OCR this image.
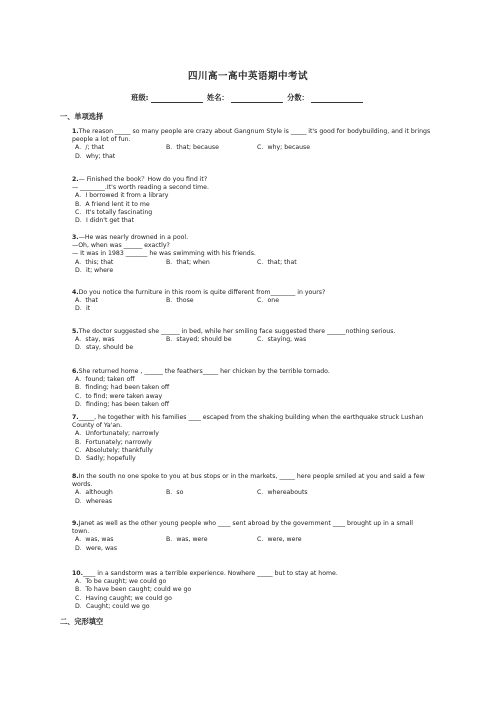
四川高一高中英语期中考试
班级:	姓名：	分数：
一、单项选择
1.The reason _____ so many people are crazy about Gangnum Style is _____ it's good for bodybuilding, and it brings people a lot of fun.
A．/; that	B．that; because	C．why; because
D．why; that
2.— Finished the book？How do you find it?
— ________.It's worth reading a second time.
A．I borrowed it from a library
B．A friend lent it to me
C．It's totally fascinating
D．I didn't get that
3.—He was nearly drowned in a pool.
—Oh, when was ______ exactly?
— It was in 1983 _______ he was swimming with his friends.
A．this; that	B．that; when	C．that; that
D．it; where
4.Do you notice the furniture in this room is quite different from________ in yours?
A．that	B．those	C．one
D．it
5.The doctor suggested she ______ in bed, while her smiling face suggested there ______nothing serious.
A．stay, was	B．stayed; should be	C．staying, was
D．stay, should be
6.She returned home , ______ the feathers_____ her chicken by the terrible tornado.
A．found; taken off
B．finding; had been taken off
C．to find; were taken away
D．finding; has been taken off
7._____, he together with his families ____ escaped from the shaking building when the earthquake struck Lushan County of Ya'an.
A．Unfortunately; narrowly
B．Fortunately; narrowly
C．Absolutely; thankfully
D．Sadly; hopefully
8.In the south no one spoke to you at bus stops or in the markets, _____ here people smiled at you and said a few words.
A．although	B．so	C．whereabouts
D．whereas
9.Janet as well as the other young people who ____ sent abroad by the government ____ brought up in a small town.
A．was, was	B．was, were	C．were, were
D．were, was
10.____ in a sandstorm was a terrible experience. Nowhere _____ but to stay at home.
A．To be caught; we could go
B．To have been caught; could we go
C．Having caught; we could go
D．Caught; could we go
二、完形填空
